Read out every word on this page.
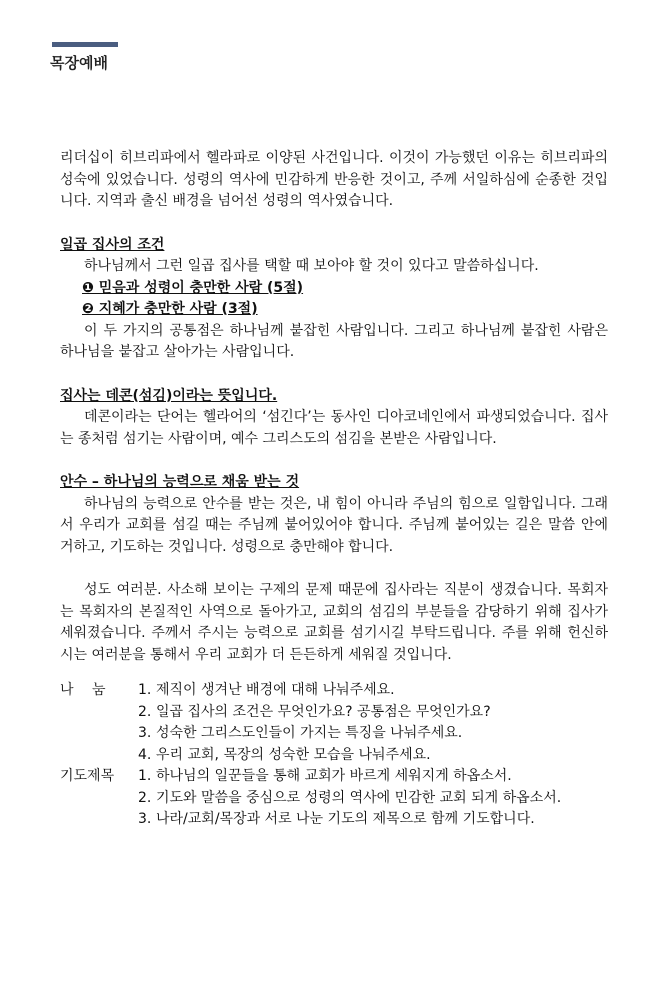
목장예배

리더십이 히브리파에서 헬라파로 이양된 사건입니다. 이것이 가능했던 이유는 히브리파의 성숙에 있었습니다. 성령의 역사에 민감하게 반응한 것이고, 주께 서일하심에 순종한 것입니다. 지역과 출신 배경을 넘어선 성령의 역사였습니다.

일곱 집사의 조건

하나님께서 그런 일곱 집사를 택할 때 보아야 할 것이 있다고 말씀하십니다.

❶ 믿음과 성령이 충만한 사람 (5절)

❷ 지혜가 충만한 사람 (3절)

이 두 가지의 공통점은 하나님께 붙잡힌 사람입니다. 그리고 하나님께 붙잡힌 사람은 하나님을 붙잡고 살아가는 사람입니다.

집사는 데콘(섬김)이라는 뜻입니다.

데콘이라는 단어는 헬라어의 ‘섬긴다’는 동사인 디아코네인에서 파생되었습니다. 집사는 종처럼 섬기는 사람이며, 예수 그리스도의 섬김을 본받은 사람입니다.

안수 – 하나님의 능력으로 채움 받는 것

하나님의 능력으로 안수를 받는 것은, 내 힘이 아니라 주님의 힘으로 일함입니다. 그래서 우리가 교회를 섬길 때는 주님께 붙어있어야 합니다. 주님께 붙어있는 길은 말씀 안에 거하고, 기도하는 것입니다. 성령으로 충만해야 합니다.

성도 여러분. 사소해 보이는 구제의 문제 때문에 집사라는 직분이 생겼습니다. 목회자는 목회자의 본질적인 사역으로 돌아가고, 교회의 섬김의 부분들을 감당하기 위해 집사가 세워졌습니다. 주께서 주시는 능력으로 교회를 섬기시길 부탁드립니다. 주를 위해 헌신하시는 여러분을 통해서 우리 교회가 더 든든하게 세워질 것입니다.

나　 눔	1. 제직이 생겨난 배경에 대해 나눠주세요.
2. 일곱 집사의 조건은 무엇인가요? 공통점은 무엇인가요?
3. 성숙한 그리스도인들이 가지는 특징을 나눠주세요.
4. 우리 교회, 목장의 성숙한 모습을 나눠주세요.
기도제목	1. 하나님의 일꾼들을 통해 교회가 바르게 세워지게 하옵소서.
2. 기도와 말씀을 중심으로 성령의 역사에 민감한 교회 되게 하옵소서.
3. 나라/교회/목장과 서로 나눈 기도의 제목으로 함께 기도합니다.
